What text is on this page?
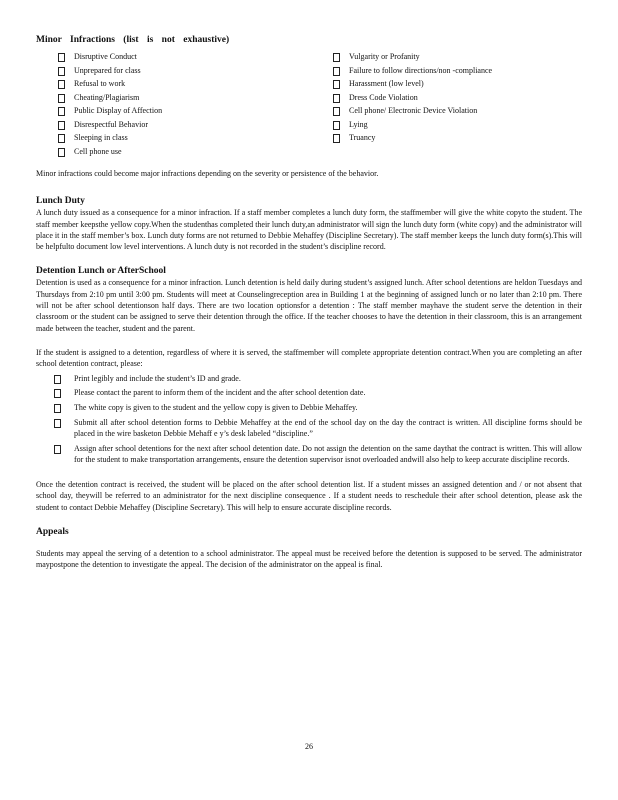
Minor Infractions (list is not exhaustive)
Disruptive Conduct
Unprepared for class
Refusal to work
Cheating/Plagiarism
Public Display of Affection
Disrespectful Behavior
Sleeping in class
Cell phone use
Vulgarity or Profanity
Failure to follow directions/non -compliance
Harassment (low level)
Dress Code Violation
Cell phone/ Electronic Device Violation
Lying
Truancy

Minor infractions could become major infractions depending on the severity or persistence of the behavior.

Lunch Duty

A lunch duty issued as a consequence for a minor infraction. If a staff member completes a lunch duty form, the staffmember will give the white copyto the student. The staff member keepsthe yellow copy.When the studenthas completed their lunch duty,an administrator will sign the lunch duty form (white copy) and the administrator will place it in the staff member’s box. Lunch duty forms are not returned to Debbie Mehaffey (Discipline Secretary). The staff member keeps the lunch duty form(s).This will be helpfulto document low level interventions. A lunch duty is not recorded in the student’s discipline record.

Detention Lunch or AfterSchool

Detention is used as a consequence for a minor infraction. Lunch detention is held daily during student’s assigned lunch. After school detentions are heldon Tuesdays and Thursdays from 2:10 pm until 3:00 pm. Students will meet at Counselingreception area in Building 1 at the beginning of assigned lunch or no later than 2:10 pm. There will not be after school detentionson half days. There are two location optionsfor a detention : The staff member mayhave the student serve the detention in their classroom or the student can be assigned to serve their detention through the office. If the teacher chooses to have the detention in their classroom, this is an arrangement made between the teacher, student and the parent.

If the student is assigned to a detention, regardless of where it is served, the staffmember will complete appropriate detention contract.When you are completing an after school detention contract, please:

Print legibly and include the student’s ID and grade.
Please contact the parent to inform them of the incident and the after school detention date.
The white copy is given to the student and the yellow copy is given to Debbie Mehaffey.
Submit all after school detention forms to Debbie Mehaffey at the end of the school day on the day the contract is written. All discipline forms should be placed in the wire basketon Debbie Mehaff e y’s desk labeled “discipline.”
Assign after school detentions for the next after school detention date. Do not assign the detention on the same daythat the contract is written. This will allow for the student to make transportation arrangements, ensure the detention supervisor isnot overloaded andwill also help to keep accurate discipline records.

Once the detention contract is received, the student will be placed on the after school detention list. If a student misses an assigned detention and / or not absent that school day, theywill be referred to an administrator for the next discipline consequence . If a student needs to reschedule their after school detention, please ask the student to contact Debbie Mehaffey (Discipline Secretary). This will help to ensure accurate discipline records.

Appeals

Students may appeal the serving of a detention to a school administrator. The appeal must be received before the detention is supposed to be served. The administrator maypostpone the detention to investigate the appeal. The decision of the administrator on the appeal is final.

26
